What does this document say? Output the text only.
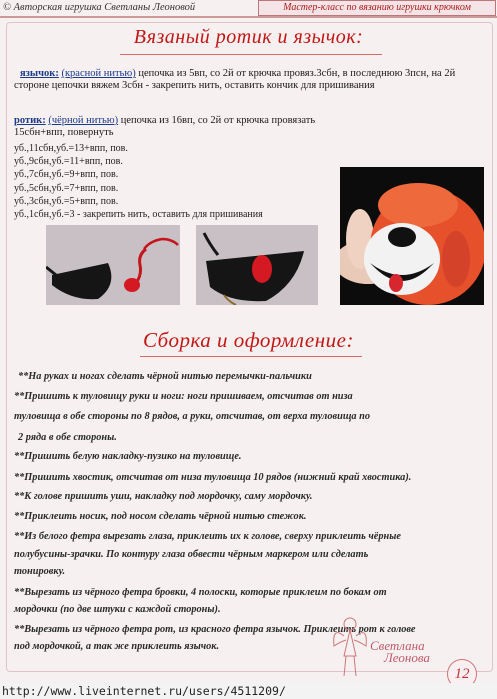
© Авторская игрушка Светланы Леоновой	Мастер-класс по вязанию игрушки крючком
Вязаный ротик и язычок:
язычок: (красной нитью) цепочка из 5вп, со 2й от крючка провяз.3сбн, в последнюю 3псн, на 2й стороне цепочки вяжем 3сбн - закрепить нить, оставить кончик для пришивания
ротик: (чёрной нитью) цепочка из 16вп, со 2й от крючка провязать 15сбн+впп, повернуть
уб.,11сбн,уб.=13+впп, пов.
уб.,9сбн,уб.=11+впп, пов.
уб.,7сбн,уб.=9+впп, пов.
уб.,5сбн,уб.=7+впп, пов.
уб.,3сбн,уб.=5+впп, пов.
уб.,1сбн,уб.=3 - закрепить нить, оставить для пришивания
Сборка и оформление:
**На руках и ногах сделать чёрной нитью перемычки-пальчики
**Пришить к туловищу руки и ноги: ноги пришиваем, отсчитав от низа
туловища в обе стороны по 8 рядов, а руки, отсчитав, от верха туловища по
2 ряда в обе стороны.
**Пришить белую накладку-пузико на туловище.
**Пришить хвостик, отсчитав от низа туловища 10 рядов (нижний край хвостика).
**К голове пришить уши, накладку под мордочку, саму мордочку.
**Приклеить носик, под носом сделать чёрной нитью стежок.
**Из белого фетра вырезать глаза, приклеить их к голове, сверху приклеить чёрные
полубусины-зрачки. По контуру глаза обвести чёрным маркером или сделать
тонировку.
**Вырезать из чёрного фетра бровки, 4 полоски, которые приклеим по бокам от
мордочки (по две штуки с каждой стороны).
**Вырезать из чёрного фетра рот, из красного фетра язычок. Приклеить рот к голове
под мордочкой, а так же приклеить язычок.	Светлана
Леонова
12
http://www.liveinternet.ru/users/4511209/
